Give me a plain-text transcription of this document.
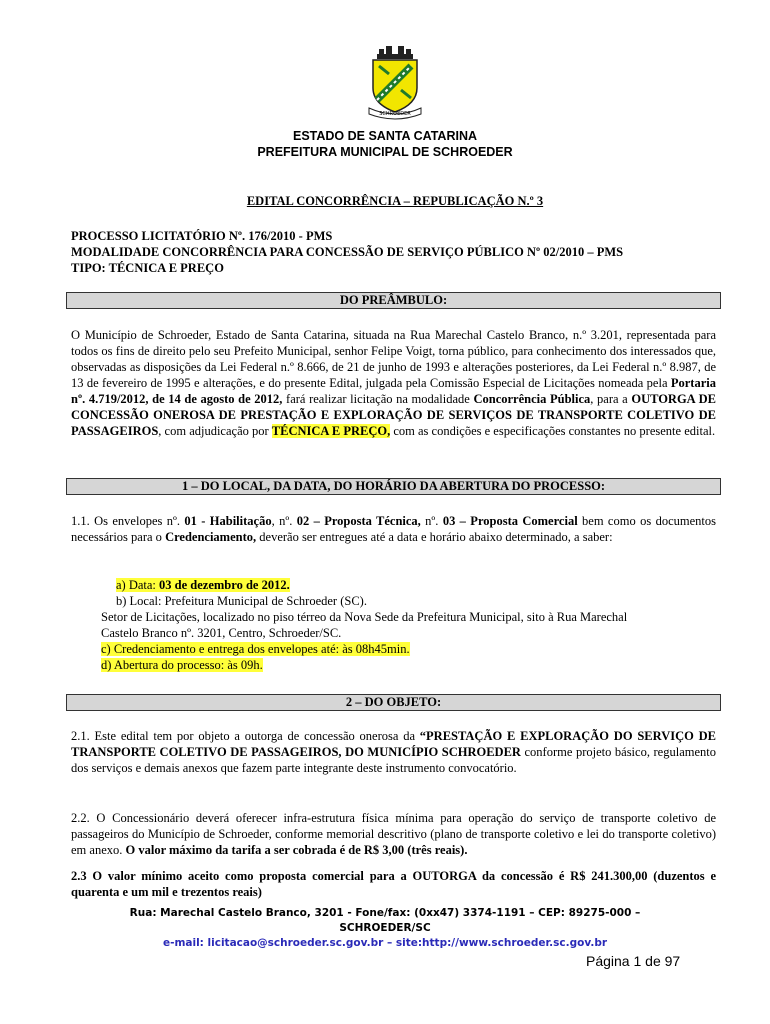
SCHROEDER
ESTADO DE SANTA CATARINA
PREFEITURA MUNICIPAL DE SCHROEDER
EDITAL CONCORRÊNCIA – REPUBLICAÇÃO N.º 3
PROCESSO LICITATÓRIO Nº. 176/2010 - PMS
MODALIDADE CONCORRÊNCIA PARA CONCESSÃO DE SERVIÇO PÚBLICO Nº 02/2010 – PMS
TIPO: TÉCNICA E PREÇO
DO PREÂMBULO:
O Município de Schroeder, Estado de Santa Catarina, situada na Rua Marechal Castelo Branco, n.º 3.201, representada para todos os fins de direito pelo seu Prefeito Municipal, senhor Felipe Voigt, torna público, para conhecimento dos interessados que, observadas as disposições da Lei Federal n.º 8.666, de 21 de junho de 1993 e alterações posteriores, da Lei Federal n.º 8.987, de 13 de fevereiro de 1995 e alterações, e do presente Edital, julgada pela Comissão Especial de Licitações nomeada pela Portaria nº. 4.719/2012, de 14 de agosto de 2012, fará realizar licitação na modalidade Concorrência Pública, para a OUTORGA DE CONCESSÃO ONEROSA DE PRESTAÇÃO E EXPLORAÇÃO DE SERVIÇOS DE TRANSPORTE COLETIVO DE PASSAGEIROS, com adjudicação por TÉCNICA E PREÇO, com as condições e especificações constantes no presente edital.
1 – DO LOCAL, DA DATA, DO HORÁRIO DA ABERTURA DO PROCESSO:
1.1. Os envelopes nº. 01 - Habilitação, nº. 02 – Proposta Técnica, nº. 03 – Proposta Comercial bem como os documentos necessários para o Credenciamento, deverão ser entregues até a data e horário abaixo determinado, a saber:
a) Data: 03 de dezembro de 2012.
b) Local: Prefeitura Municipal de Schroeder (SC).
Setor de Licitações, localizado no piso térreo da Nova Sede da Prefeitura Municipal, sito à Rua Marechal
Castelo Branco nº. 3201, Centro, Schroeder/SC.
c) Credenciamento e entrega dos envelopes até: às 08h45min.
d) Abertura do processo: às 09h.
2 – DO OBJETO:
2.1. Este edital tem por objeto a outorga de concessão onerosa da “PRESTAÇÃO E EXPLORAÇÃO DO SERVIÇO DE TRANSPORTE COLETIVO DE PASSAGEIROS, DO MUNICÍPIO SCHROEDER conforme projeto básico, regulamento dos serviços e demais anexos que fazem parte integrante deste instrumento convocatório.
2.2. O Concessionário deverá oferecer infra-estrutura física mínima para operação do serviço de transporte coletivo de passageiros do Município de Schroeder, conforme memorial descritivo (plano de transporte coletivo e lei do transporte coletivo) em anexo. O valor máximo da tarifa a ser cobrada é de R$ 3,00 (três reais).
2.3 O valor mínimo aceito como proposta comercial para a OUTORGA da concessão é R$ 241.300,00 (duzentos e quarenta e um mil e trezentos reais)
Rua: Marechal Castelo Branco, 3201 - Fone/fax: (0xx47) 3374-1191 – CEP: 89275-000 –
SCHROEDER/SC
e-mail: licitacao@schroeder.sc.gov.br – site:http://www.schroeder.sc.gov.br
Página 1 de 97
